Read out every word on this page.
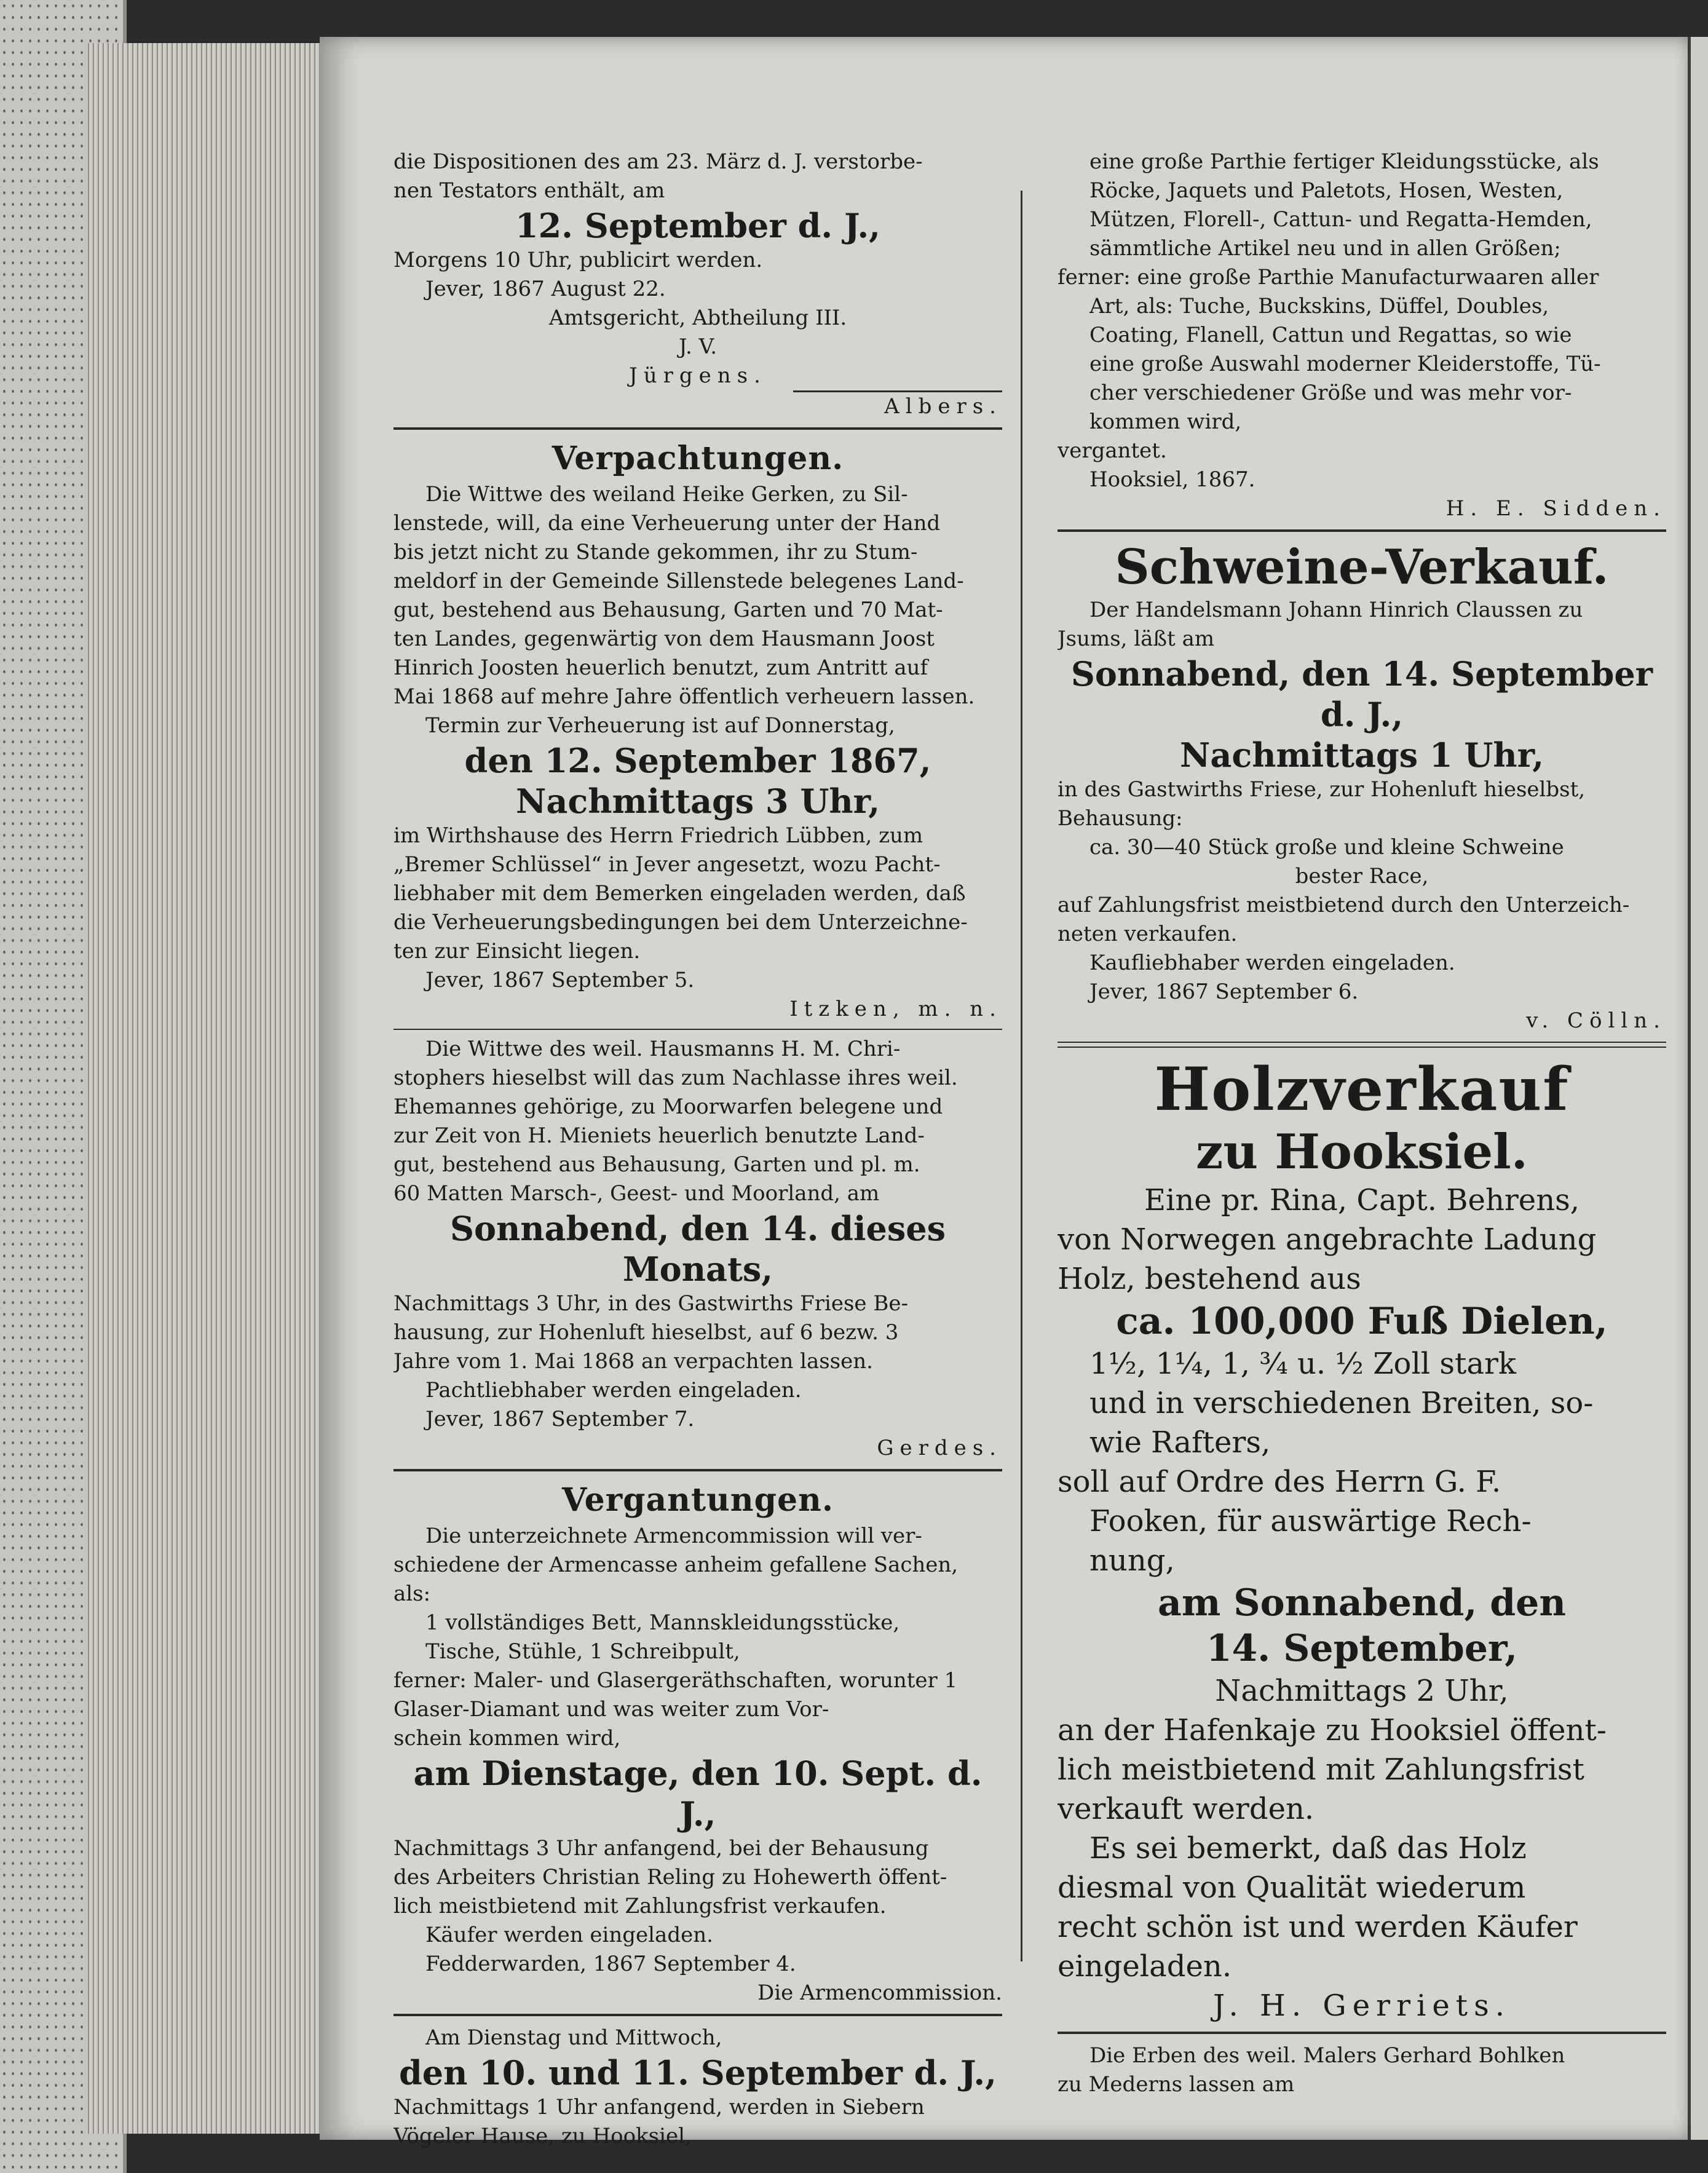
die Dispositionen des am 23. März d. J. verstorbe-
nen Testators enthält, am
12. September d. J.,
Morgens 10 Uhr, publicirt werden.
Jever, 1867 August 22.
Amtsgericht, Abtheilung III.
J. V.
Jürgens.
Albers.
Verpachtungen.
Die Wittwe des weiland Heike Gerken, zu Sil-
lenstede, will, da eine Verheuerung unter der Hand
bis jetzt nicht zu Stande gekommen, ihr zu Stum-
meldorf in der Gemeinde Sillenstede belegenes Land-
gut, bestehend aus Behausung, Garten und 70 Mat-
ten Landes, gegenwärtig von dem Hausmann Joost
Hinrich Joosten heuerlich benutzt, zum Antritt auf
Mai 1868 auf mehre Jahre öffentlich verheuern lassen.
Termin zur Verheuerung ist auf Donnerstag,
den 12. September 1867,
Nachmittags 3 Uhr,
im Wirthshause des Herrn Friedrich Lübben, zum
„Bremer Schlüssel“ in Jever angesetzt, wozu Pacht-
liebhaber mit dem Bemerken eingeladen werden, daß
die Verheuerungsbedingungen bei dem Unterzeichne-
ten zur Einsicht liegen.
Jever, 1867 September 5.
Itzken, m. n.
Die Wittwe des weil. Hausmanns H. M. Chri-
stophers hieselbst will das zum Nachlasse ihres weil.
Ehemannes gehörige, zu Moorwarfen belegene und
zur Zeit von H. Mieniets heuerlich benutzte Land-
gut, bestehend aus Behausung, Garten und pl. m.
60 Matten Marsch-, Geest- und Moorland, am
Sonnabend, den 14. dieses Monats,
Nachmittags 3 Uhr, in des Gastwirths Friese Be-
hausung, zur Hohenluft hieselbst, auf 6 bezw. 3
Jahre vom 1. Mai 1868 an verpachten lassen.
Pachtliebhaber werden eingeladen.
Jever, 1867 September 7.
Gerdes.
Vergantungen.
Die unterzeichnete Armencommission will ver-
schiedene der Armencasse anheim gefallene Sachen,
als:
1 vollständiges Bett, Mannskleidungsstücke,
Tische, Stühle, 1 Schreibpult,
ferner: Maler- und Glasergeräthschaften, worunter 1
Glaser-Diamant und was weiter zum Vor-
schein kommen wird,
am Dienstage, den 10. Sept. d. J.,
Nachmittags 3 Uhr anfangend, bei der Behausung
des Arbeiters Christian Reling zu Hohewerth öffent-
lich meistbietend mit Zahlungsfrist verkaufen.
Käufer werden eingeladen.
Fedderwarden, 1867 September 4.
Die Armencommission.
Am Dienstag und Mittwoch,
den 10. und 11. September d. J.,
Nachmittags 1 Uhr anfangend, werden in Siebern
Vögeler Hause, zu Hooksiel,
eine große Parthie fertiger Kleidungsstücke, als
Röcke, Jaquets und Paletots, Hosen, Westen,
Mützen, Florell-, Cattun- und Regatta-Hemden,
sämmtliche Artikel neu und in allen Größen;
ferner: eine große Parthie Manufacturwaaren aller
Art, als: Tuche, Buckskins, Düffel, Doubles,
Coating, Flanell, Cattun und Regattas, so wie
eine große Auswahl moderner Kleiderstoffe, Tü-
cher verschiedener Größe und was mehr vor-
kommen wird,
vergantet.
Hooksiel, 1867.
H. E. Sidden.
Schweine-Verkauf.
Der Handelsmann Johann Hinrich Claussen zu
Jsums, läßt am
Sonnabend, den 14. September d. J.,
Nachmittags 1 Uhr,
in des Gastwirths Friese, zur Hohenluft hieselbst,
Behausung:
ca. 30—40 Stück große und kleine Schweine
bester Race,
auf Zahlungsfrist meistbietend durch den Unterzeich-
neten verkaufen.
Kaufliebhaber werden eingeladen.
Jever, 1867 September 6.
v. Cölln.
Holzverkauf
zu Hooksiel.
Eine pr. Rina, Capt. Behrens,
von Norwegen angebrachte Ladung
Holz, bestehend aus
ca. 100,000 Fuß Dielen,
1½, 1¼, 1, ¾ u. ½ Zoll stark
und in verschiedenen Breiten, so-
wie Rafters,
soll auf Ordre des Herrn G. F.
Fooken, für auswärtige Rech-
nung,
am Sonnabend, den
14. September,
Nachmittags 2 Uhr,
an der Hafenkaje zu Hooksiel öffent-
lich meistbietend mit Zahlungsfrist
verkauft werden.
Es sei bemerkt, daß das Holz
diesmal von Qualität wiederum
recht schön ist und werden Käufer
eingeladen.
J. H. Gerriets.
Die Erben des weil. Malers Gerhard Bohlken
zu Mederns lassen am
